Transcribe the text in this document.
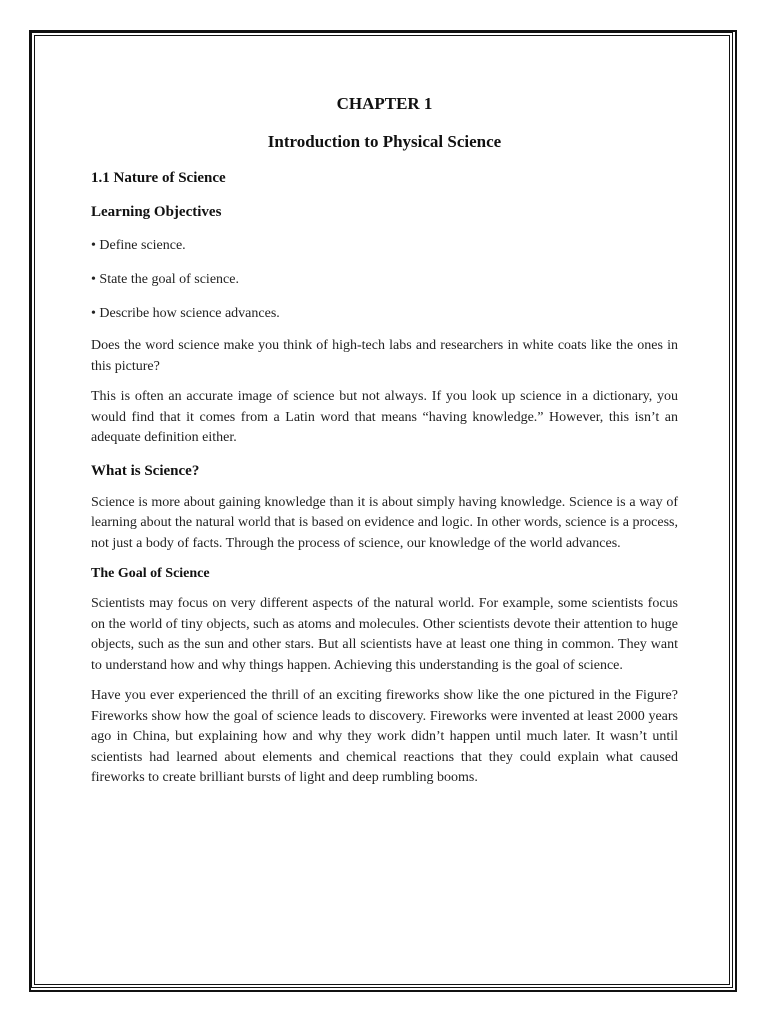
CHAPTER 1
Introduction to Physical Science
1.1 Nature of Science
Learning Objectives
• Define science.
• State the goal of science.
• Describe how science advances.

Does the word science make you think of high-tech labs and researchers in white coats like the ones in this picture?

This is often an accurate image of science but not always. If you look up science in a dictionary, you would find that it comes from a Latin word that means “having knowledge.” However, this isn’t an adequate definition either.

What is Science?

Science is more about gaining knowledge than it is about simply having knowledge. Science is a way of learning about the natural world that is based on evidence and logic. In other words, science is a process, not just a body of facts. Through the process of science, our knowledge of the world advances.

The Goal of Science

Scientists may focus on very different aspects of the natural world. For example, some scientists focus on the world of tiny objects, such as atoms and molecules. Other scientists devote their attention to huge objects, such as the sun and other stars. But all scientists have at least one thing in common. They want to understand how and why things happen. Achieving this understanding is the goal of science.

Have you ever experienced the thrill of an exciting fireworks show like the one pictured in the Figure? Fireworks show how the goal of science leads to discovery. Fireworks were invented at least 2000 years ago in China, but explaining how and why they work didn’t happen until much later. It wasn’t until scientists had learned about elements and chemical reactions that they could explain what caused fireworks to create brilliant bursts of light and deep rumbling booms.
